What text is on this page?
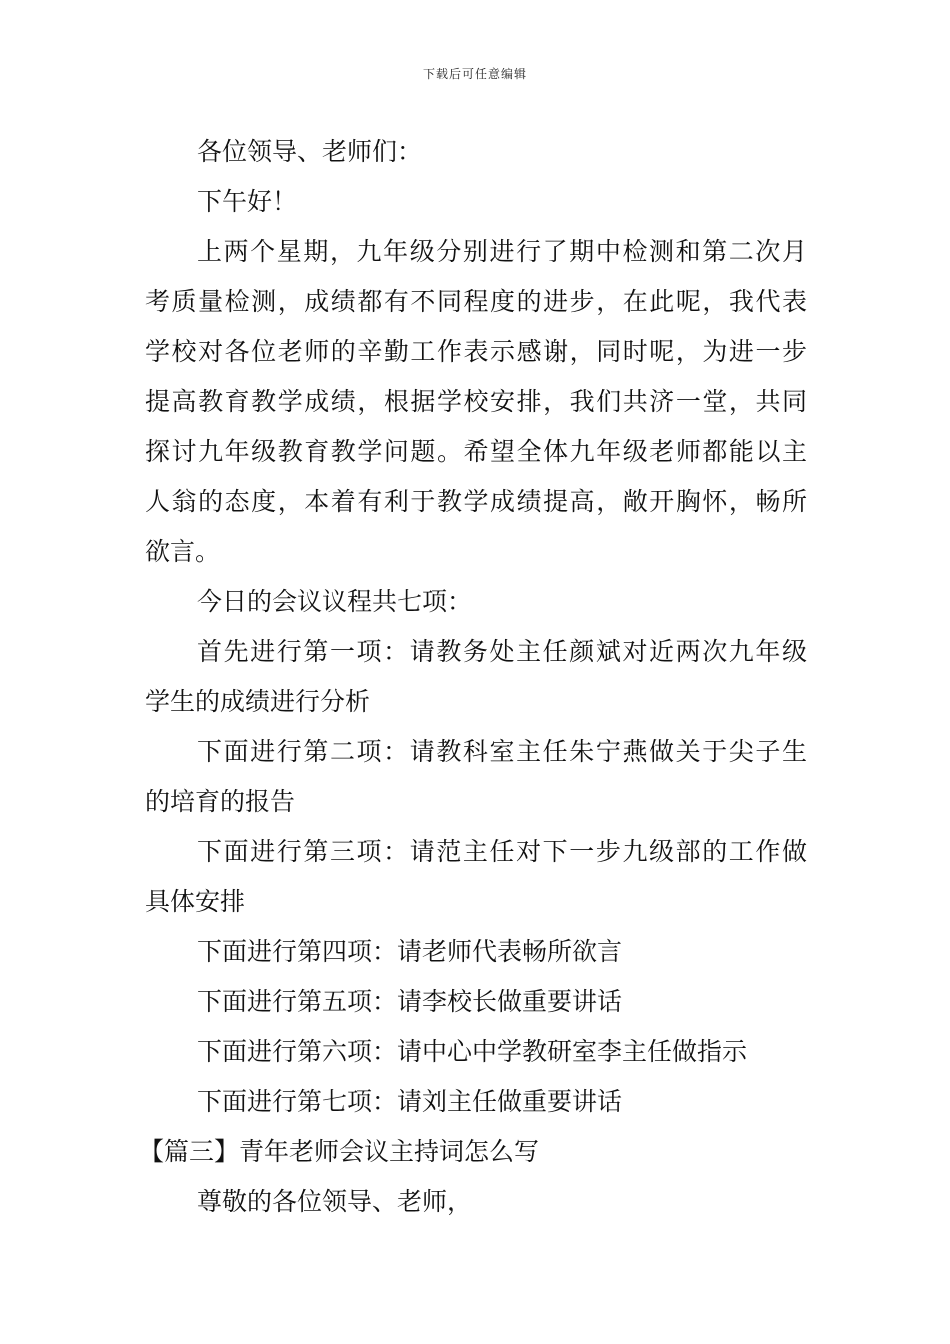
下载后可任意编辑
各位领导、老师们：
下午好！
上两个星期，九年级分别进行了期中检测和第二次月
考质量检测，成绩都有不同程度的进步，在此呢，我代表
学校对各位老师的辛勤工作表示感谢，同时呢，为进一步
提高教育教学成绩，根据学校安排，我们共济一堂，共同
探讨九年级教育教学问题。希望全体九年级老师都能以主
人翁的态度，本着有利于教学成绩提高，敞开胸怀，畅所
欲言。
今日的会议议程共七项：
首先进行第一项：请教务处主任颜斌对近两次九年级
学生的成绩进行分析
下面进行第二项：请教科室主任朱宁燕做关于尖子生
的培育的报告
下面进行第三项：请范主任对下一步九级部的工作做
具体安排
下面进行第四项：请老师代表畅所欲言
下面进行第五项：请李校长做重要讲话
下面进行第六项：请中心中学教研室李主任做指示
下面进行第七项：请刘主任做重要讲话
【篇三】青年老师会议主持词怎么写
尊敬的各位领导、老师，
